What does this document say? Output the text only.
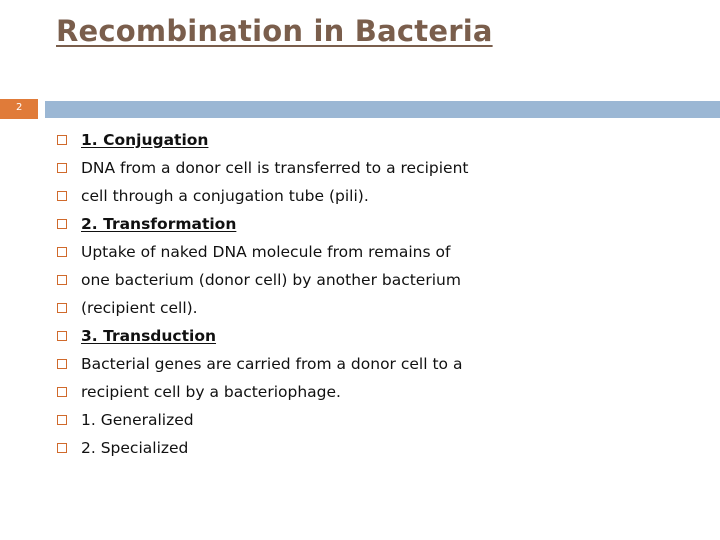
Recombination in Bacteria
2
1. Conjugation
DNA from a donor cell is transferred to a recipient
cell through a conjugation tube (pili).
2. Transformation
Uptake of naked DNA molecule from remains of
one bacterium (donor cell) by another bacterium
(recipient cell).
3. Transduction
Bacterial genes are carried from a donor cell to a
recipient cell by a bacteriophage.
1. Generalized
2. Specialized
